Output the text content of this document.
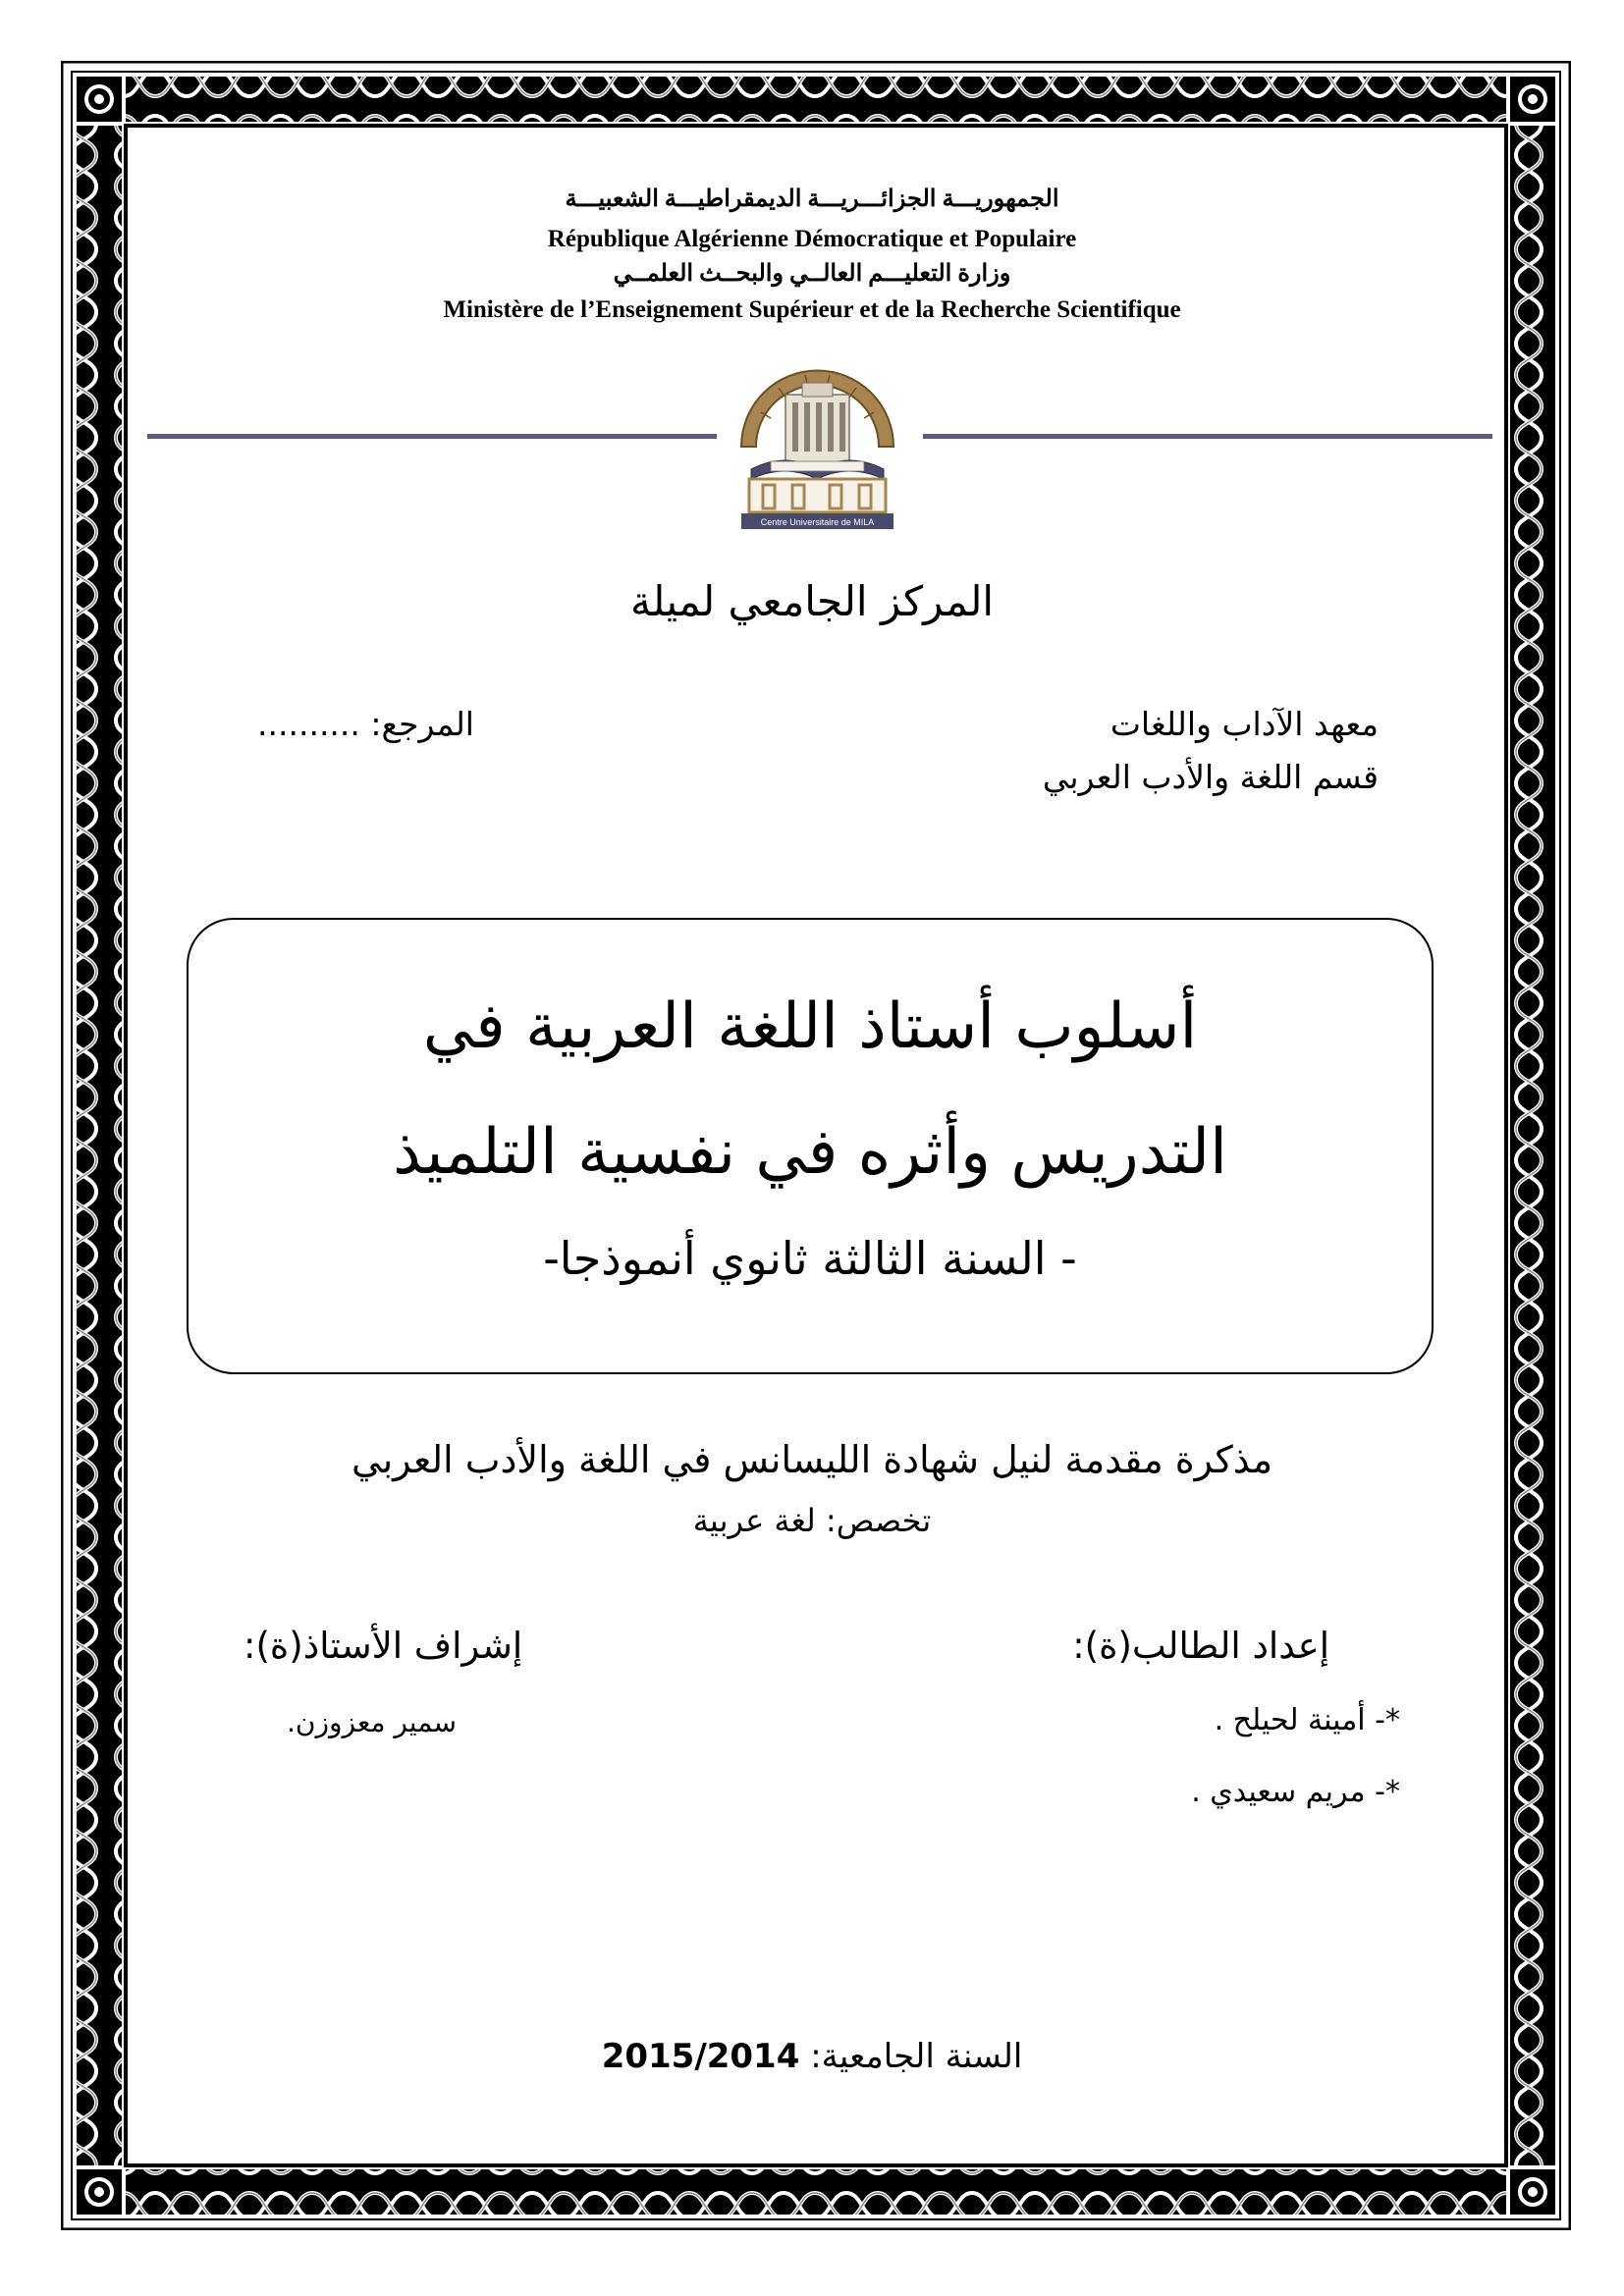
الجمهوريـــة الجزائـــريـــة الديمقراطيـــة الشعبيـــة
République Algérienne Démocratique et Populaire
وزارة التعليـــم العالــي والبحــث العلمــي
Ministère de l’Enseignement Supérieur et de la Recherche Scientifique
Centre Universitaire de MILA
المركز الجامعي لميلة
معهد الآداب واللغات
قسم اللغة والأدب العربي
المرجع: ..........
أسلوب أستاذ اللغة العربية في
التدريس وأثره في نفسية التلميذ
- السنة الثالثة ثانوي أنموذجا-
مذكرة مقدمة لنيل شهادة الليسانس في اللغة والأدب العربي
تخصص: لغة عربية
إعداد الطالب(ة):
إشراف الأستاذ(ة):
*- أمينة لحيلح .
*- مريم سعيدي .
سمير معزوزن.
السنة الجامعية: 2015/2014
